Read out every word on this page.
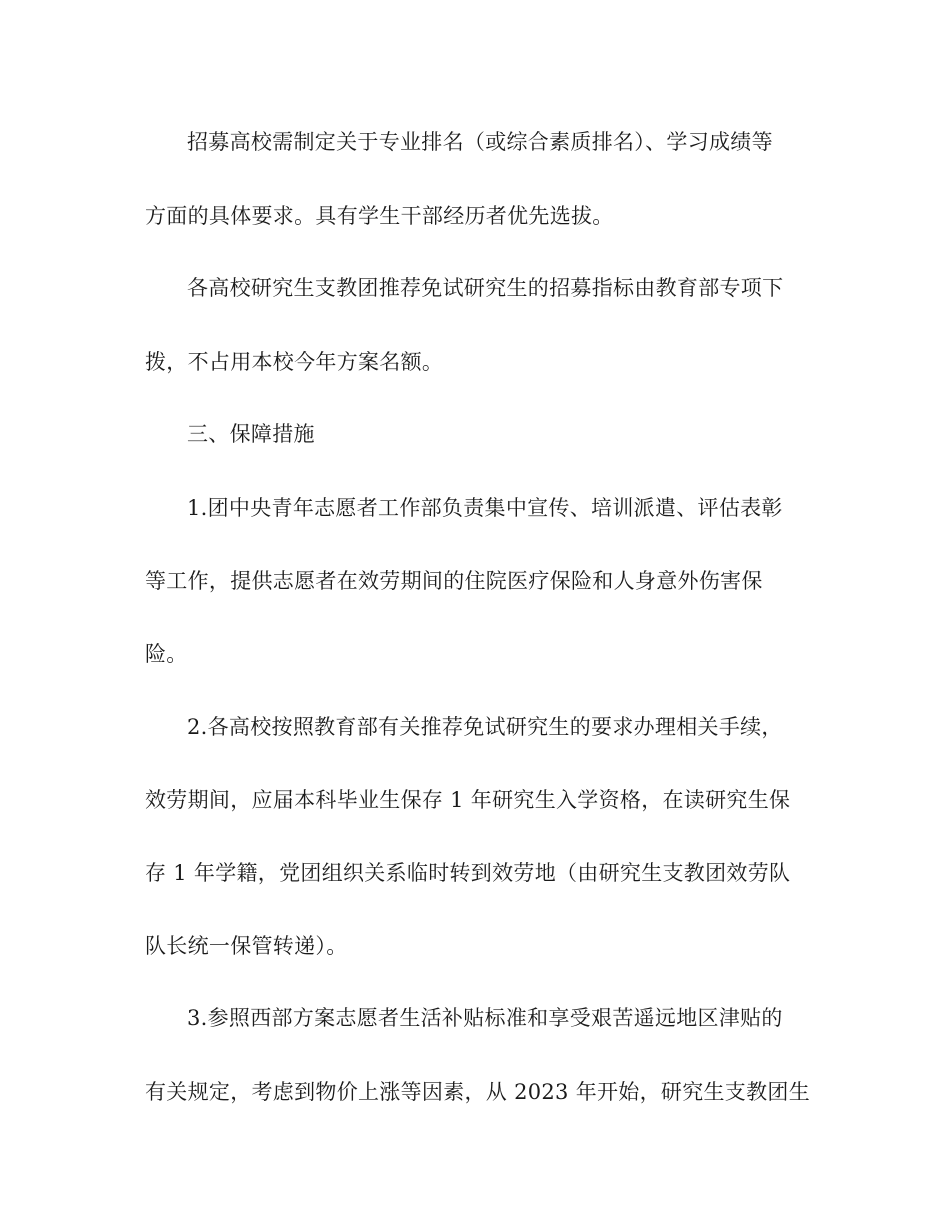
招募高校需制定关于专业排名（或综合素质排名）、学习成绩等
方面的具体要求。具有学生干部经历者优先选拔。
各高校研究生支教团推荐免试研究生的招募指标由教育部专项下
拨，不占用本校今年方案名额。
三、保障措施
1.团中央青年志愿者工作部负责集中宣传、培训派遣、评估表彰
等工作，提供志愿者在效劳期间的住院医疗保险和人身意外伤害保
险。
2.各高校按照教育部有关推荐免试研究生的要求办理相关手续，
效劳期间，应届本科毕业生保存 1 年研究生入学资格，在读研究生保
存 1 年学籍，党团组织关系临时转到效劳地（由研究生支教团效劳队
队长统一保管转递）。
3.参照西部方案志愿者生活补贴标准和享受艰苦遥远地区津贴的
有关规定，考虑到物价上涨等因素，从 2023 年开始，研究生支教团生
